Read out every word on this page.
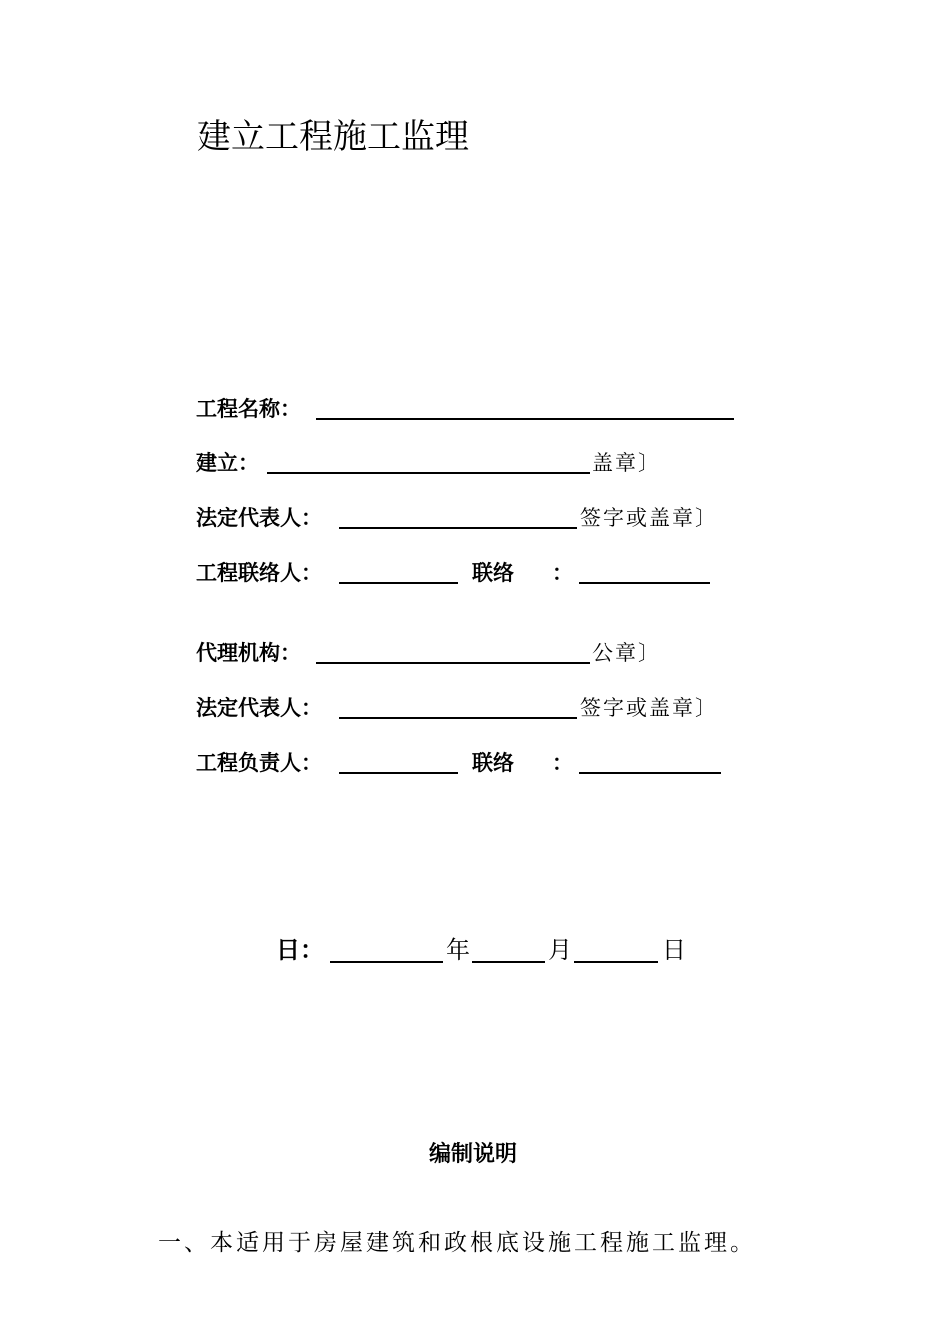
建立工程施工监理
工程名称：
建立：	盖章〕
法定代表人：	签字或盖章〕
工程联络人：	联络 ：
代理机构：	公章〕
法定代表人：	签字或盖章〕
工程负责人：	联络 ：
日：	年	月	日
编制说明
一、本适用于房屋建筑和政根底设施工程施工监理。
